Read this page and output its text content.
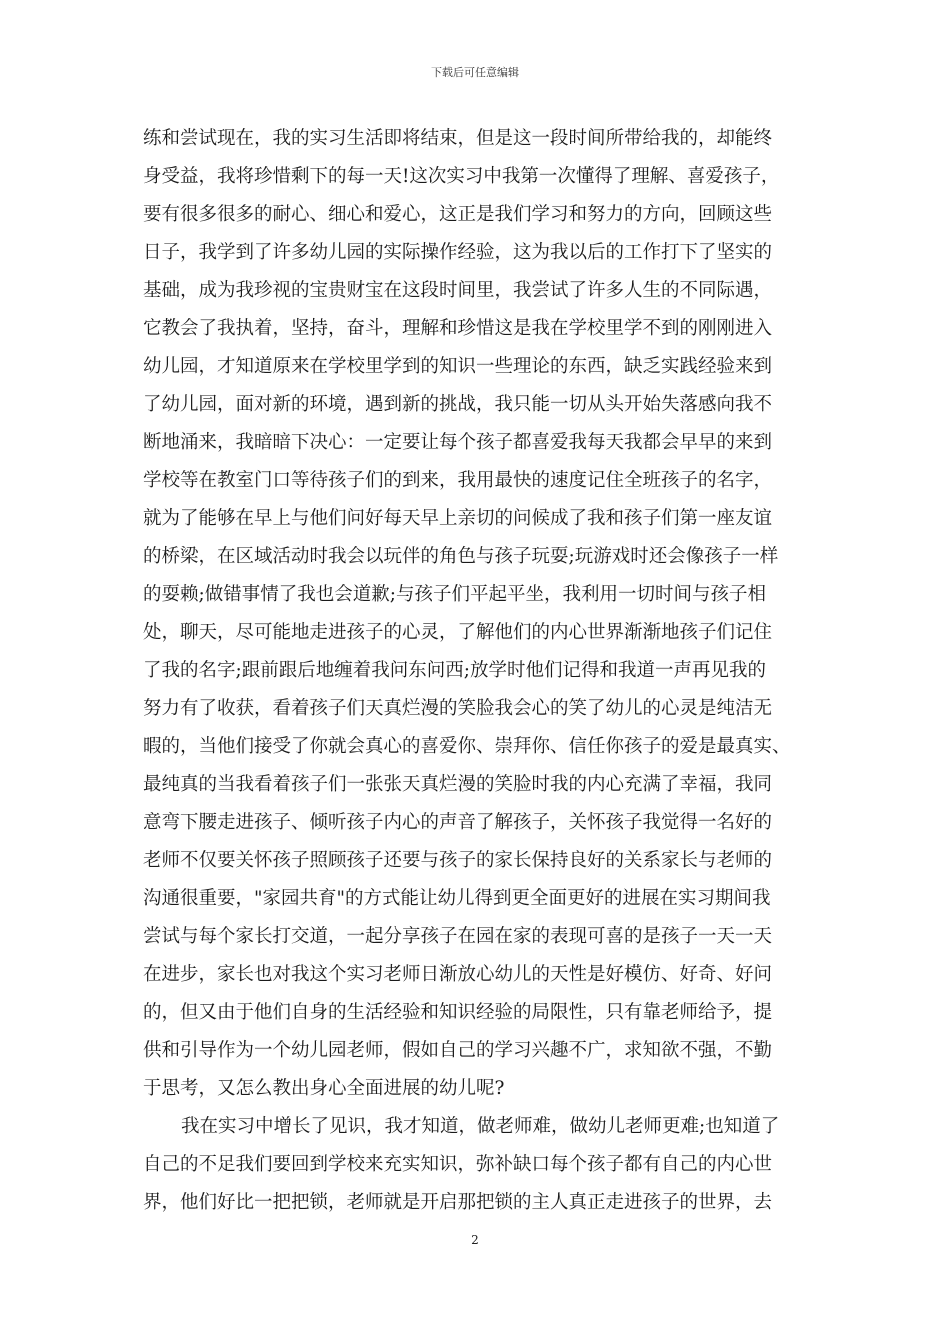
下载后可任意编辑
练和尝试现在，我的实习生活即将结束，但是这一段时间所带给我的，却能终
身受益，我将珍惜剩下的每一天!这次实习中我第一次懂得了理解、喜爱孩子，
要有很多很多的耐心、细心和爱心，这正是我们学习和努力的方向，回顾这些
日子，我学到了许多幼儿园的实际操作经验，这为我以后的工作打下了坚实的
基础，成为我珍视的宝贵财宝在这段时间里，我尝试了许多人生的不同际遇，
它教会了我执着，坚持，奋斗，理解和珍惜这是我在学校里学不到的刚刚进入
幼儿园，才知道原来在学校里学到的知识一些理论的东西，缺乏实践经验来到
了幼儿园，面对新的环境，遇到新的挑战，我只能一切从头开始失落感向我不
断地涌来，我暗暗下决心：一定要让每个孩子都喜爱我每天我都会早早的来到
学校等在教室门口等待孩子们的到来，我用最快的速度记住全班孩子的名字，
就为了能够在早上与他们问好每天早上亲切的问候成了我和孩子们第一座友谊
的桥梁，在区域活动时我会以玩伴的角色与孩子玩耍;玩游戏时还会像孩子一样
的耍赖;做错事情了我也会道歉;与孩子们平起平坐，我利用一切时间与孩子相
处，聊天，尽可能地走进孩子的心灵，了解他们的内心世界渐渐地孩子们记住
了我的名字;跟前跟后地缠着我问东问西;放学时他们记得和我道一声再见我的
努力有了收获，看着孩子们天真烂漫的笑脸我会心的笑了幼儿的心灵是纯洁无
暇的，当他们接受了你就会真心的喜爱你、崇拜你、信任你孩子的爱是最真实、
最纯真的当我看着孩子们一张张天真烂漫的笑脸时我的内心充满了幸福，我同
意弯下腰走进孩子、倾听孩子内心的声音了解孩子，关怀孩子我觉得一名好的
老师不仅要关怀孩子照顾孩子还要与孩子的家长保持良好的关系家长与老师的
沟通很重要，"家园共育"的方式能让幼儿得到更全面更好的进展在实习期间我
尝试与每个家长打交道，一起分享孩子在园在家的表现可喜的是孩子一天一天
在进步，家长也对我这个实习老师日渐放心幼儿的天性是好模仿、好奇、好问
的，但又由于他们自身的生活经验和知识经验的局限性，只有靠老师给予，提
供和引导作为一个幼儿园老师，假如自己的学习兴趣不广，求知欲不强，不勤
于思考，又怎么教出身心全面进展的幼儿呢?
我在实习中增长了见识，我才知道，做老师难，做幼儿老师更难;也知道了
自己的不足我们要回到学校来充实知识，弥补缺口每个孩子都有自己的内心世
界，他们好比一把把锁，老师就是开启那把锁的主人真正走进孩子的世界，去
2
